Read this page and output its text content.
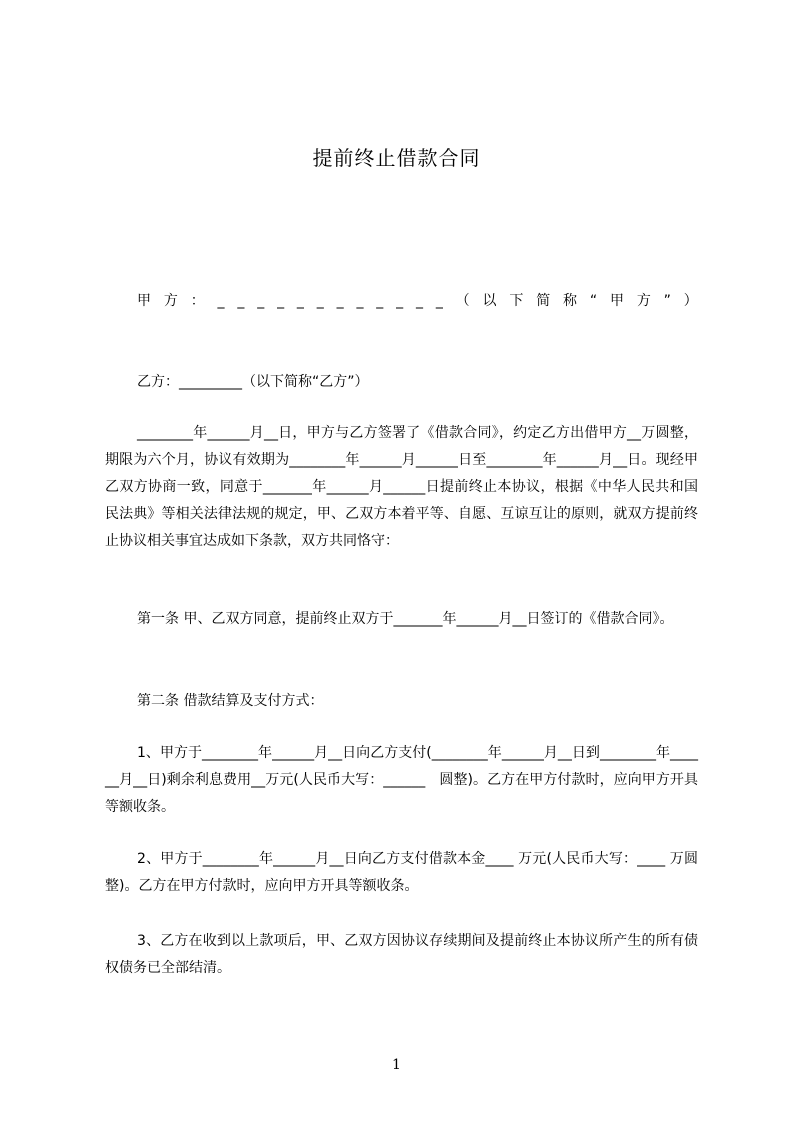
提前终止借款合同
甲 方 ： _ _ _ _ _ _ _ _ _ _ _ _ （ 以 下 简 称 “ 甲 方 ” ）
乙方：_________（以下简称“乙方”）
________年______月__日，甲方与乙方签署了《借款合同》，约定乙方出借甲方__万圆整，期限为六个月，协议有效期为________年______月______日至________年______月__日。现经甲乙双方协商一致，同意于_______年______月______日提前终止本协议，根据《中华人民共和国民法典》等相关法律法规的规定，甲、乙双方本着平等、自愿、互谅互让的原则，就双方提前终止协议相关事宜达成如下条款，双方共同恪守：
第一条 甲、乙双方同意，提前终止双方于_______年______月__日签订的《借款合同》。
第二条 借款结算及支付方式：
1、甲方于________年______月__日向乙方支付(________年______月__日到________年______月__日)剩余利息费用__万元(人民币大写：______　圆整)。乙方在甲方付款时，应向甲方开具等额收条。
2、甲方于________年______月__日向乙方支付借款本金____ 万元(人民币大写：____ 万圆整)。乙方在甲方付款时，应向甲方开具等额收条。
3、乙方在收到以上款项后，甲、乙双方因协议存续期间及提前终止本协议所产生的所有债权债务已全部结清。
1
